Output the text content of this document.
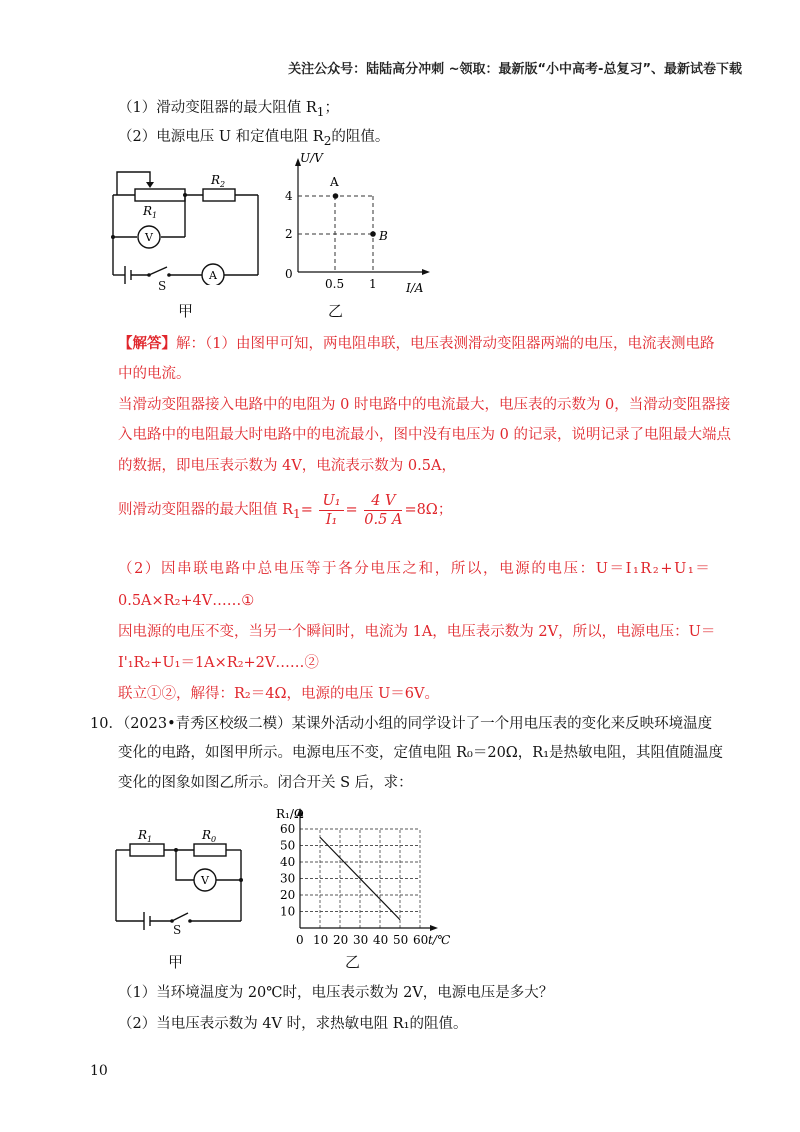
关注公众号：陆陆高分冲刺 ~领取：最新版“小中高考-总复习”、最新试卷下载
（1）滑动变阻器的最大阻值 $R_1$；
（2）电源电压 U 和定值电阻 $R_2$的阻值。
$R_1$
$R_2$
V
A
S
甲
U/V
I/A
4
2
0
0.5 1
A
B
乙
【解答】解：（1）由图甲可知，两电阻串联，电压表测滑动变阻器两端的电压，电流表测电路
中的电流。
当滑动变阻器接入电路中的电阻为 0 时电路中的电流最大，电压表的示数为 0，当滑动变阻器接
入电路中的电阻最大时电路中的电流最小，图中没有电压为 0 的记录，说明记录了电阻最大端点
的数据，即电压表示数为 4V，电流表示数为 0.5A，
则滑动变阻器的最大阻值 $R_1= \frac{\text{U₁}}{\text{I₁}} = \frac{4 V}{0.5 A} =8\Omega$；
（2）因串联电路中总电压等于各分电压之和，所以，电源的电压：U＝I₁R₂+U₁＝
0.5A×R₂+4V……①
因电源的电压不变，当另一个瞬间时，电流为 1A，电压表示数为 2V，所以，电源电压：U＝
I'₁R₂+U₁＝1A×R₂+2V……②
联立①②，解得：R₂＝4Ω，电源的电压 U＝6V。
10．（2023•青秀区校级二模）某课外活动小组的同学设计了一个用电压表的变化来反映环境温度
变化的电路，如图甲所示。电源电压不变，定值电阻 R₀＝20Ω，R₁是热敏电阻，其阻值随温度
变化的图象如图乙所示。闭合开关 S 后，求：
$R_1$	$R_0$
V
S
甲
60
50
40
30
20
10
0 10 20 30 40 50 60
R₁/Ω
t/℃
乙
（1）当环境温度为 20℃时，电压表示数为 2V，电源电压是多大？
（2）当电压表示数为 4V 时，求热敏电阻 R₁的阻值。
10
